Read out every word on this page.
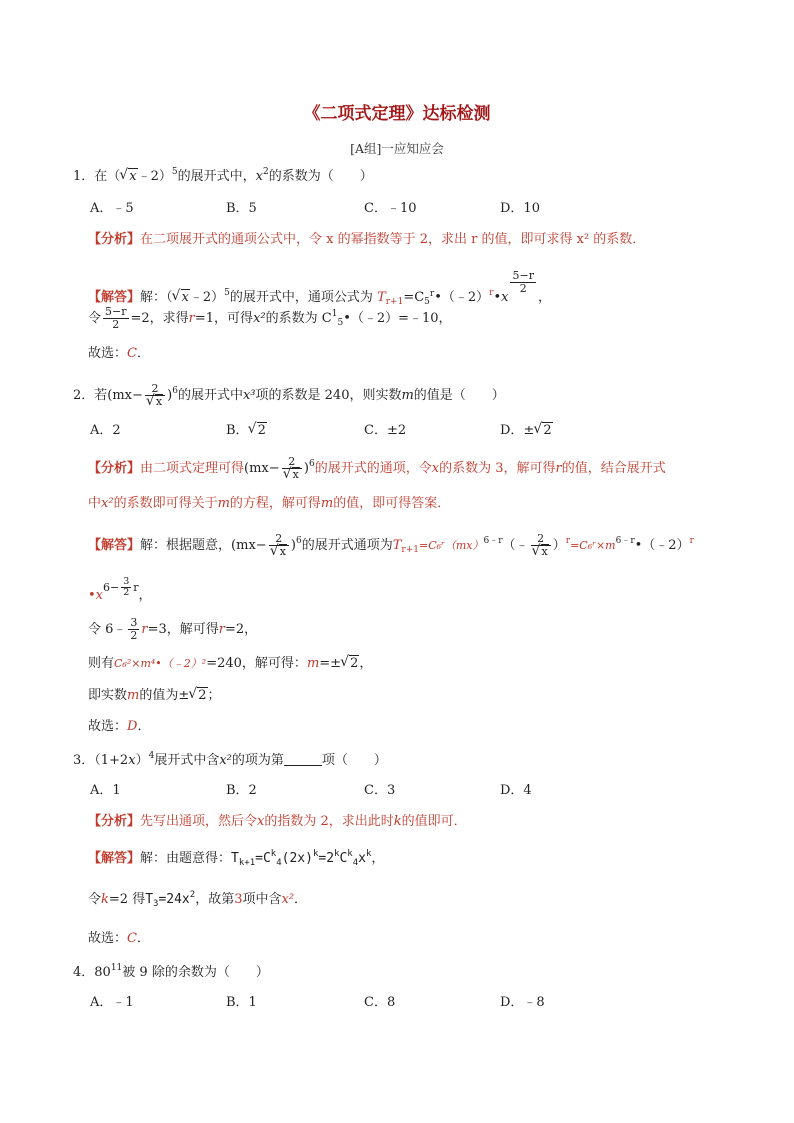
《二项式定理》达标检测
[A组]一应知应会
1．在（ √ x﹣2）$^5$的展开式中，$x^2$的系数为（　　）
A．﹣5	B．5	C．﹣10	D．10
【分析】在二项展开式的通项公式中，令 x 的幂指数等于 2，求出 r 的值，即可求得 x² 的系数．
【解答】解：（ √ x﹣2）$^5$的展开式中，通项公式为 $T_{r+1}=C_5^r•(﹣2)^r•x$
$\frac{5-r}{2}$
，
令 $\frac{5-r}{2} =2$，求得r=1，可得x²的系数为 $C^1_5•(﹣2)=﹣10$，
故选：C．
2．若(mx− 2
√ x )$^6$的展开式中x³项的系数是 240，则实数m的值是（　　）
A．2	B． √ 2	C．±2	D．± √ 2
【分析】由二项式定理可得(mx− 2
√ x )$^6$的展开式的通项，令x的系数为 3，解可得r的值，结合展开式
中x²的系数即可得关于m的方程，解可得m的值，即可得答案．
【解答】解：根据题意，(mx− 2
√ x )$^6$的展开式通项为$T_{r+1}=C_6ʳ(mx)^{6﹣r}(﹣$ 2
√ x ）$^r=C_6ʳ\times m^{6﹣r}•(﹣2)^r$
$•x^{6- \frac{3}{2} r}$，
令 6﹣ $\frac{3}{2} r=3$，解可得r=2，
则有C₆²×m⁴•（﹣2）²=240，解可得：m=± √ 2，
即实数m的值为± √ 2；
故选：D．
3．$(1+2x)^4$展开式中含x²的项为第	项（　　）
A．1	B．2	C．3	D．4
【分析】先写出通项，然后令x的指数为 2，求出此时k的值即可．
【解答】解：由题意得：$T_{k+1}=C^k_4(2x)^k=2^kC^k_4x^k$，
令k=2 得$T_3=24x^2$，故第3项中含x²．
故选：C．
4．$80^{11}$被 9 除的余数为（　　）
A．﹣1	B．1	C．8	D．﹣8
